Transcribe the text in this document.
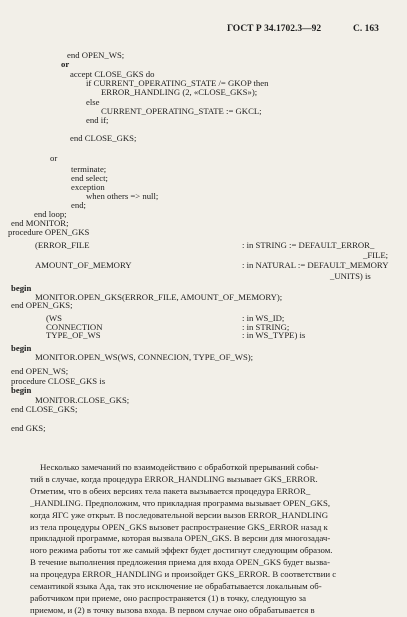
ГОСТ Р 34.1702.3—92	С. 163
end OPEN_WS;
or
accept CLOSE_GKS do
if CURRENT_OPERATING_STATE /= GKOP then
ERROR_HANDLING (2, «CLOSE_GKS»);
else
CURRENT_OPERATING_STATE := GKCL;
end if;
end CLOSE_GKS;
or
terminate;
end select;
exception
when others => null;
end;
end loop;
end MONITOR;
procedure OPEN_GKS
(ERROR_FILE	: in STRING := DEFAULT_ERROR_
_FILE;
AMOUNT_OF_MEMORY	: in NATURAL := DEFAULT_MEMORY
_UNITS) is
begin
MONITOR.OPEN_GKS(ERROR_FILE, AMOUNT_OF_MEMORY);
end OPEN_GKS;
(WS	: in WS_ID;
CONNECTION	: in STRING;
TYPE_OF_WS	: in WS_TYPE) is
begin
MONITOR.OPEN_WS(WS, CONNECION, TYPE_OF_WS);
end OPEN_WS;
procedure CLOSE_GKS is
begin
MONITOR.CLOSE_GKS;
end CLOSE_GKS;
end GKS;
Несколько замечаний по взаимодействию с обработкой прерываний собы-
тий в случае, когда процедура ERROR_HANDLING вызывает GKS_ERROR.
Отметим, что в обеих версиях тела пакета вызывается процедура ERROR_
_HANDLING. Предположим, что прикладная программа вызывает OPEN_GKS,
когда ЯГС уже открыт. В последовательной версии вызов ERROR_HANDLING
из тела процедуры OPEN_GKS вызовет распространение GKS_ERROR назад к
прикладной программе, которая вызвала OPEN_GKS. В версии для многозадач-
ного режима работы тот же самый эффект будет достигнут следующим образом.
В течение выполнения предложения приема для входа OPEN_GKS будет вызва-
на процедура ERROR_HANDLING и произойдет GKS_ERROR. В соответствии с
семантикой языка Ада, так это исключение не обрабатывается локальным об-
работчиком при приеме, оно распространяется (1) в точку, следующую за
приемом, и (2) в точку вызова входа. В первом случае оно обрабатывается в
